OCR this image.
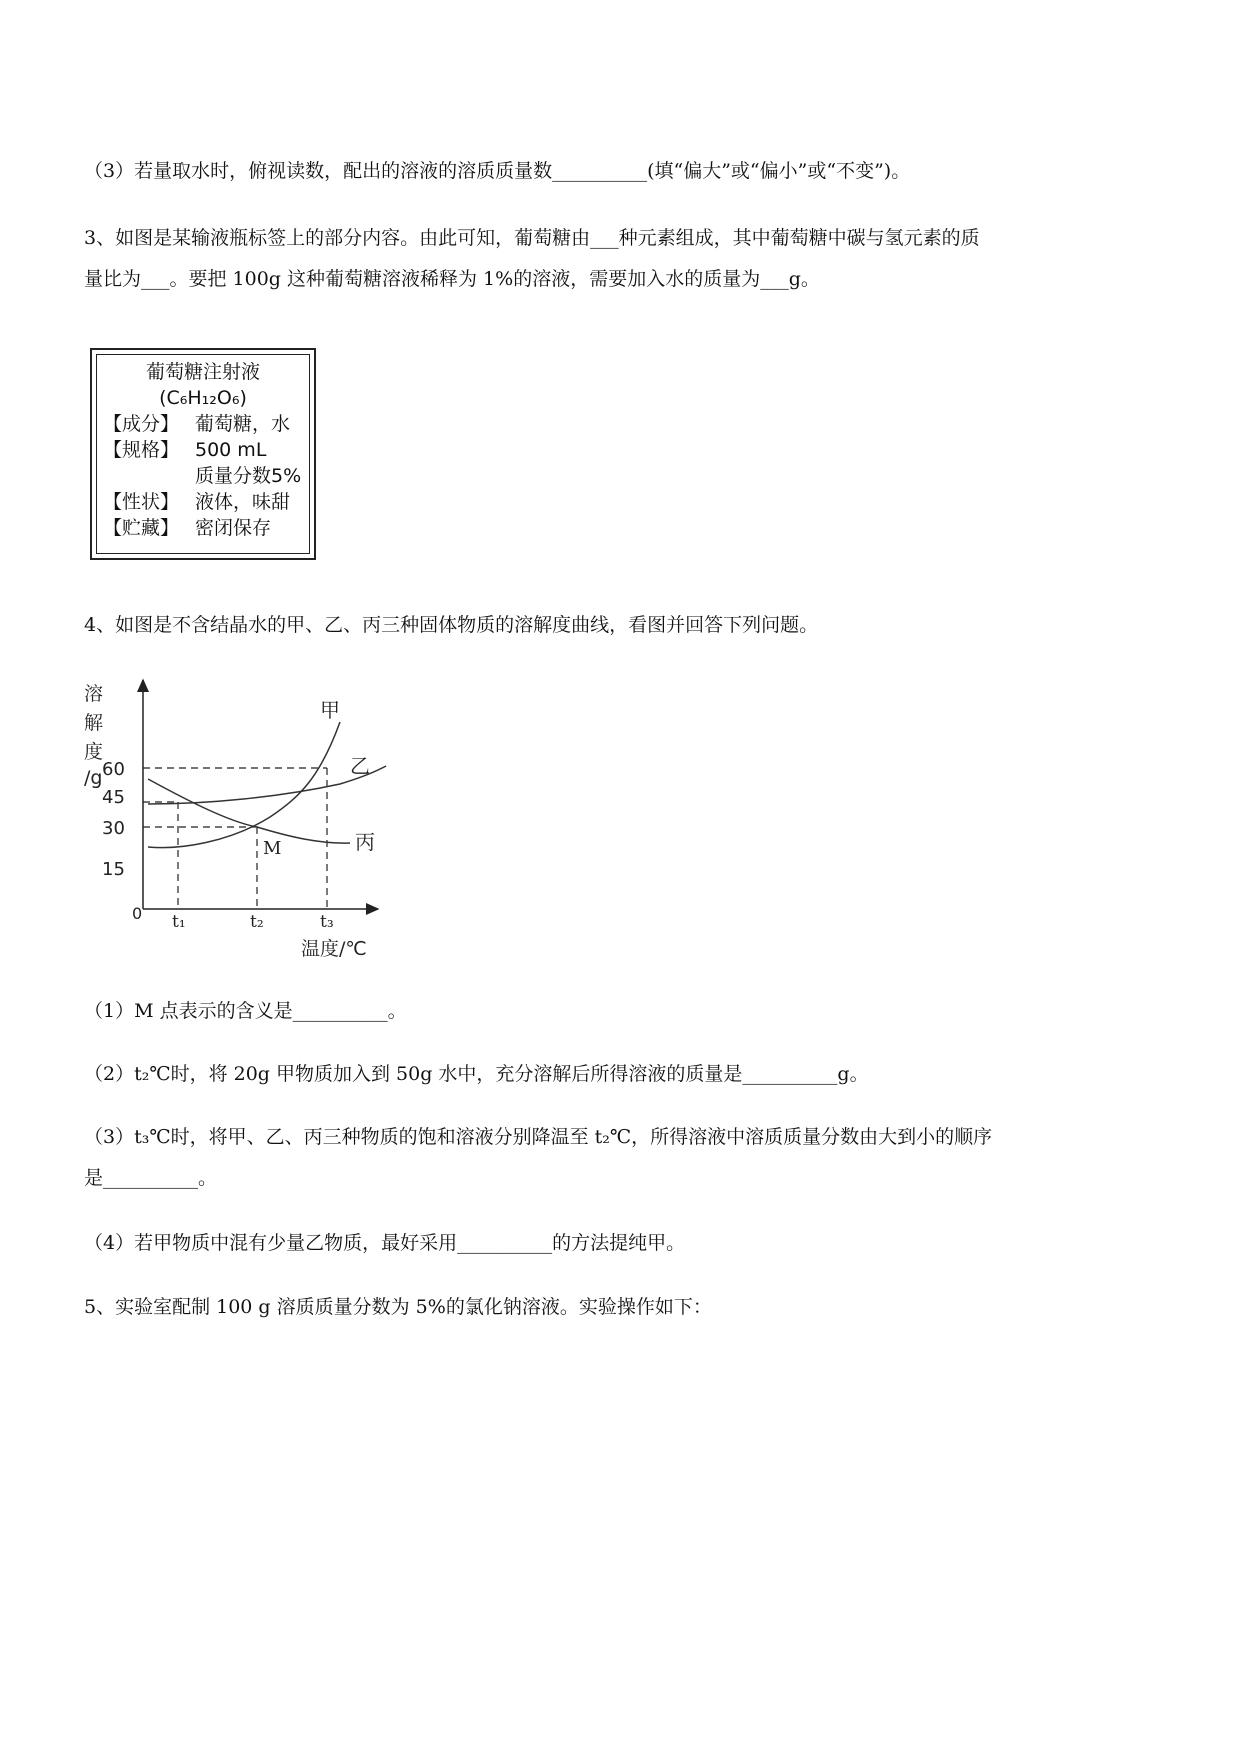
（3）若量取水时，俯视读数，配出的溶液的溶质质量数__________(填“偏大”或“偏小”或“不变”)。
3、如图是某输液瓶标签上的部分内容。由此可知，葡萄糖由___种元素组成，其中葡萄糖中碳与氢元素的质
量比为___。要把 100g 这种葡萄糖溶液稀释为 1%的溶液，需要加入水的质量为___g。
葡萄糖注射液
(C₆H₁₂O₆)
【成分】 葡萄糖，水
【规格】 500 mL
质量分数5%
【性状】 液体，味甜
【贮藏】 密闭保存
4、如图是不含结晶水的甲、乙、丙三种固体物质的溶解度曲线，看图并回答下列问题。
溶
解
度
/g 60
45
30
15
0 t₁	t₂	t₃
温度/℃
甲
乙
丙
M
（1）M 点表示的含义是__________。
（2）t₂℃时，将 20g 甲物质加入到 50g 水中，充分溶解后所得溶液的质量是__________g。
（3）t₃℃时，将甲、乙、丙三种物质的饱和溶液分别降温至 t₂℃，所得溶液中溶质质量分数由大到小的顺序
是__________。
（4）若甲物质中混有少量乙物质，最好采用__________的方法提纯甲。
5、实验室配制 100 g 溶质质量分数为 5%的氯化钠溶液。实验操作如下：
